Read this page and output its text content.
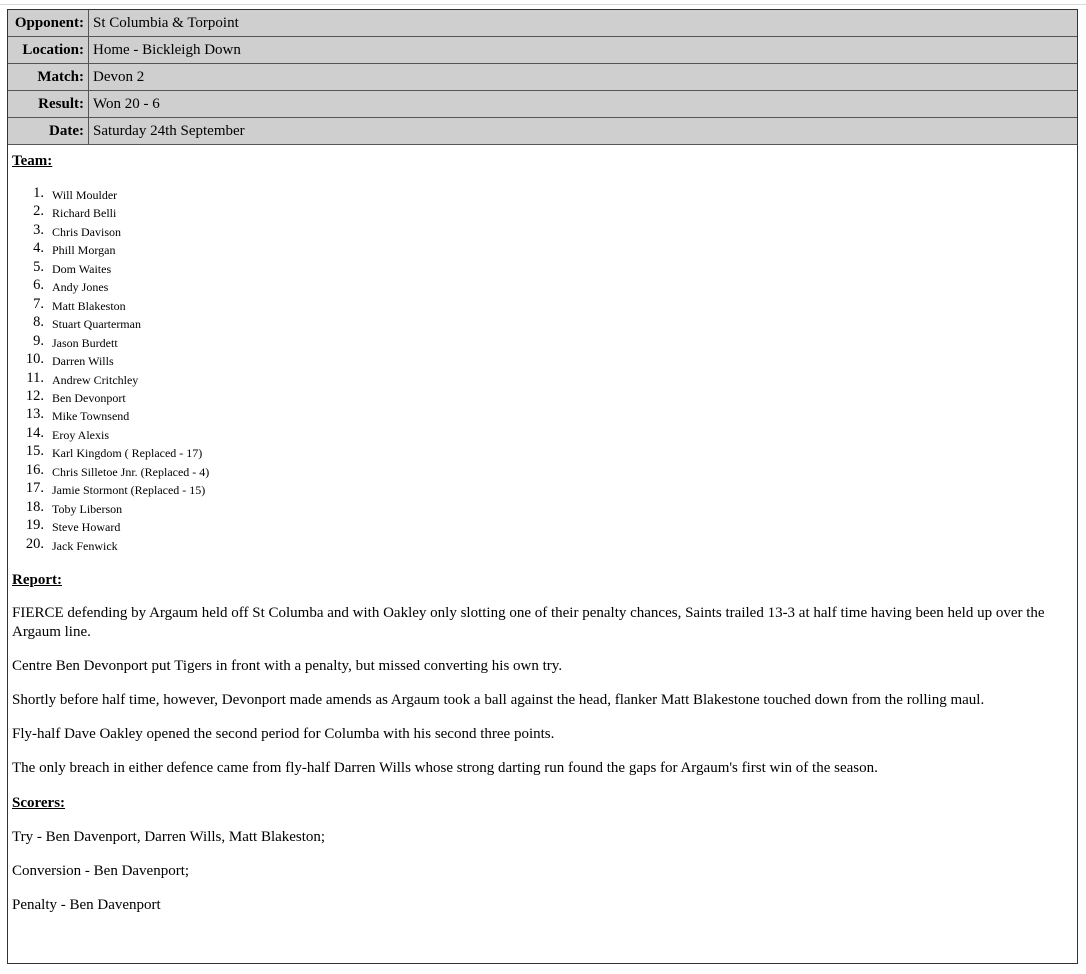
Opponent:	St Columbia & Torpoint
Location:	Home - Bickleigh Down
Match:	Devon 2
Result:	Won 20 - 6
Date:	Saturday 24th September

Team:

Will Moulder
Richard Belli
Chris Davison
Phill Morgan
Dom Waites
Andy Jones
Matt Blakeston
Stuart Quarterman
Jason Burdett
Darren Wills
Andrew Critchley
Ben Devonport
Mike Townsend
Eroy Alexis
Karl Kingdom ( Replaced - 17)
Chris Silletoe Jnr. (Replaced - 4)
Jamie Stormont (Replaced - 15)
Toby Liberson
Steve Howard
Jack Fenwick

Report:

FIERCE defending by Argaum held off St Columba and with Oakley only slotting one of their penalty chances, Saints trailed 13-3 at half time having been held up over the Argaum line.

Centre Ben Devonport put Tigers in front with a penalty, but missed converting his own try.

Shortly before half time, however, Devonport made amends as Argaum took a ball against the head, flanker Matt Blakestone touched down from the rolling maul.

Fly-half Dave Oakley opened the second period for Columba with his second three points.

The only breach in either defence came from fly-half Darren Wills whose strong darting run found the gaps for Argaum's first win of the season.

Scorers:

Try - Ben Davenport, Darren Wills, Matt Blakeston;

Conversion - Ben Davenport;

Penalty - Ben Davenport
